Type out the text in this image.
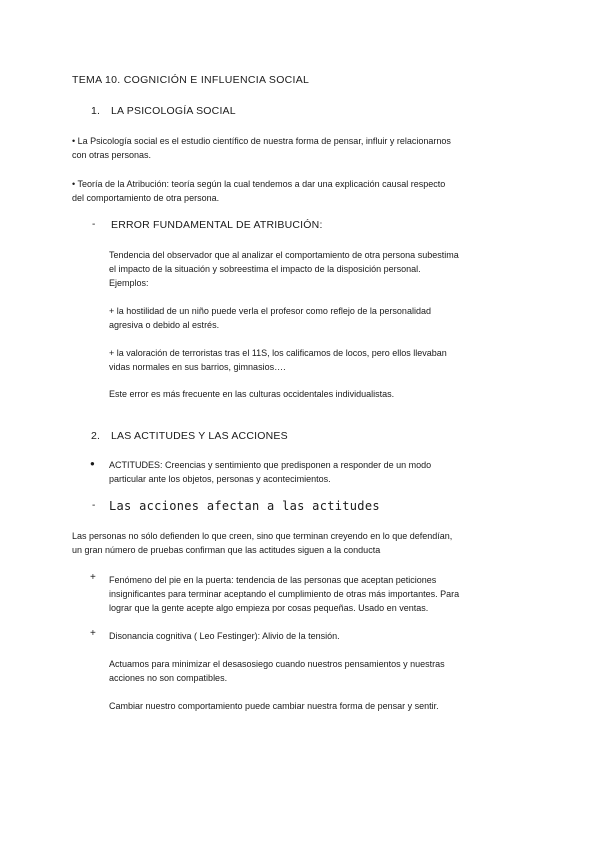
TEMA 10. COGNICIÓN E INFLUENCIA SOCIAL
1. LA PSICOLOGÍA SOCIAL
• La Psicología social es el estudio científico de nuestra forma de pensar, influir y relacionarnos
con otras personas.
• Teoría de la Atribución: teoría según la cual tendemos a dar una explicación causal respecto
del comportamiento de otra persona.
- ERROR FUNDAMENTAL DE ATRIBUCIÓN:
Tendencia del observador que al analizar el comportamiento de otra persona subestima
el impacto de la situación y sobreestima el impacto de la disposición personal.
Ejemplos:
+ la hostilidad de un niño puede verla el profesor como reflejo de la personalidad
agresiva o debido al estrés.
+ la valoración de terroristas tras el 11S, los calificamos de locos, pero ellos llevaban
vidas normales en sus barrios, gimnasios….
Este error es más frecuente en las culturas occidentales individualistas.
2. LAS ACTITUDES Y LAS ACCIONES
● ACTITUDES: Creencias y sentimiento que predisponen a responder de un modo
particular ante los objetos, personas y acontecimientos.
- Las acciones afectan a las actitudes
Las personas no sólo defienden lo que creen, sino que terminan creyendo en lo que defendían,
un gran número de pruebas confirman que las actitudes siguen a la conducta
+ Fenómeno del pie en la puerta: tendencia de las personas que aceptan peticiones
insignificantes para terminar aceptando el cumplimiento de otras más importantes. Para
lograr que la gente acepte algo empieza por cosas pequeñas. Usado en ventas.
+ Disonancia cognitiva ( Leo Festinger): Alivio de la tensión.
Actuamos para minimizar el desasosiego cuando nuestros pensamientos y nuestras
acciones no son compatibles.
Cambiar nuestro comportamiento puede cambiar nuestra forma de pensar y sentir.
